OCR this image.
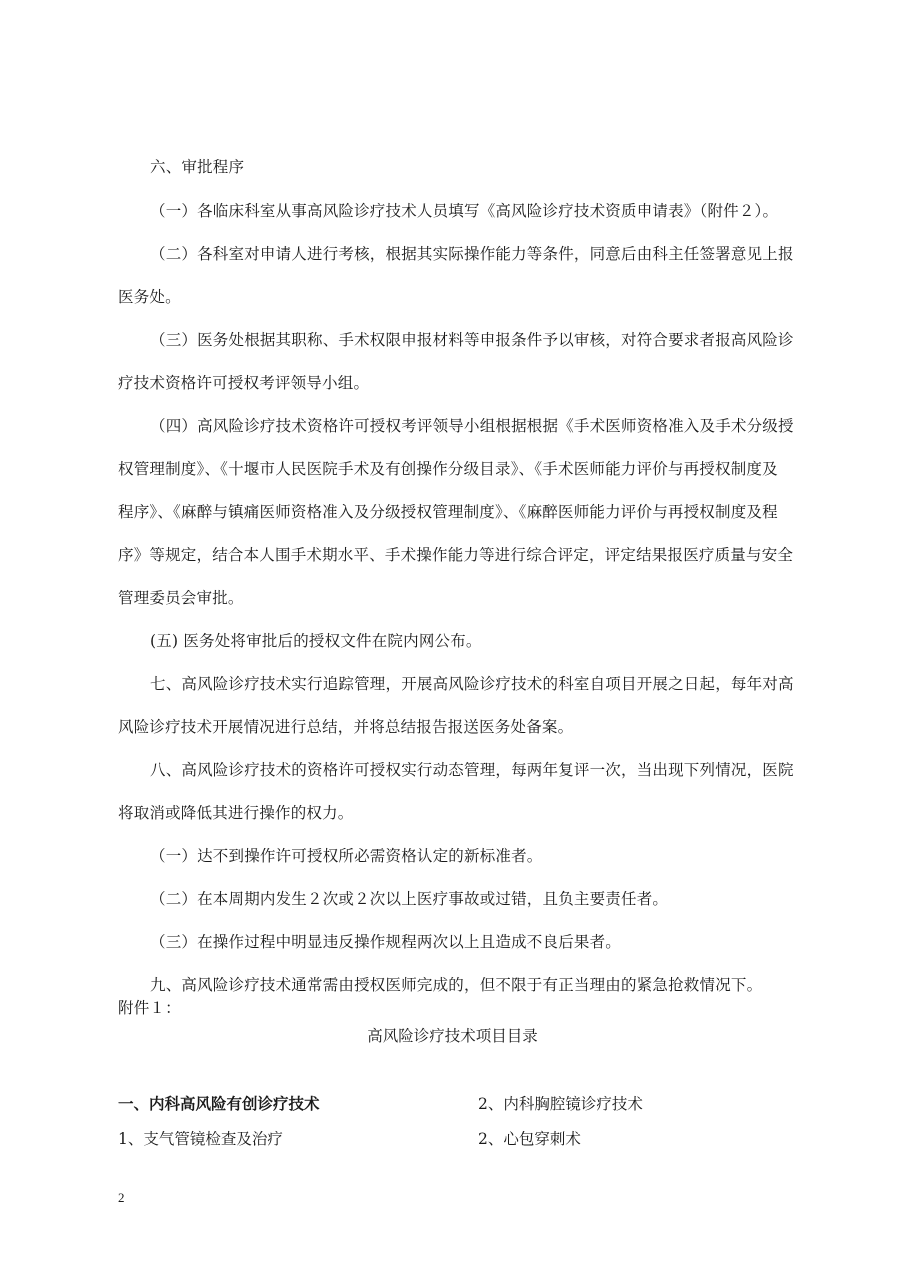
六、审批程序
（一）各临床科室从事高风险诊疗技术人员填写《高风险诊疗技术资质申请表》（附件２）。
（二）各科室对申请人进行考核，根据其实际操作能力等条件，同意后由科主任签署意见上报
医务处。
（三）医务处根据其职称、手术权限申报材料等申报条件予以审核，对符合要求者报高风险诊
疗技术资格许可授权考评领导小组。
（四）高风险诊疗技术资格许可授权考评领导小组根据根据《手术医师资格准入及手术分级授
权管理制度》、《十堰市人民医院手术及有创操作分级目录》、《手术医师能力评价与再授权制度及
程序》、《麻醉与镇痛医师资格准入及分级授权管理制度》、《麻醉医师能力评价与再授权制度及程
序》等规定，结合本人围手术期水平、手术操作能力等进行综合评定，评定结果报医疗质量与安全
管理委员会审批。
(五) 医务处将审批后的授权文件在院内网公布。
七、高风险诊疗技术实行追踪管理，开展高风险诊疗技术的科室自项目开展之日起，每年对高
风险诊疗技术开展情况进行总结，并将总结报告报送医务处备案。
八、高风险诊疗技术的资格许可授权实行动态管理，每两年复评一次，当出现下列情况，医院
将取消或降低其进行操作的权力。
（一）达不到操作许可授权所必需资格认定的新标准者。
（二）在本周期内发生２次或２次以上医疗事故或过错，且负主要责任者。
（三）在操作过程中明显违反操作规程两次以上且造成不良后果者。
九、高风险诊疗技术通常需由授权医师完成的，但不限于有正当理由的紧急抢救情况下。
附件１：
高风险诊疗技术项目目录
一、内科高风险有创诊疗技术	2、内科胸腔镜诊疗技术
1、支气管镜检查及治疗	2、心包穿刺术
2
